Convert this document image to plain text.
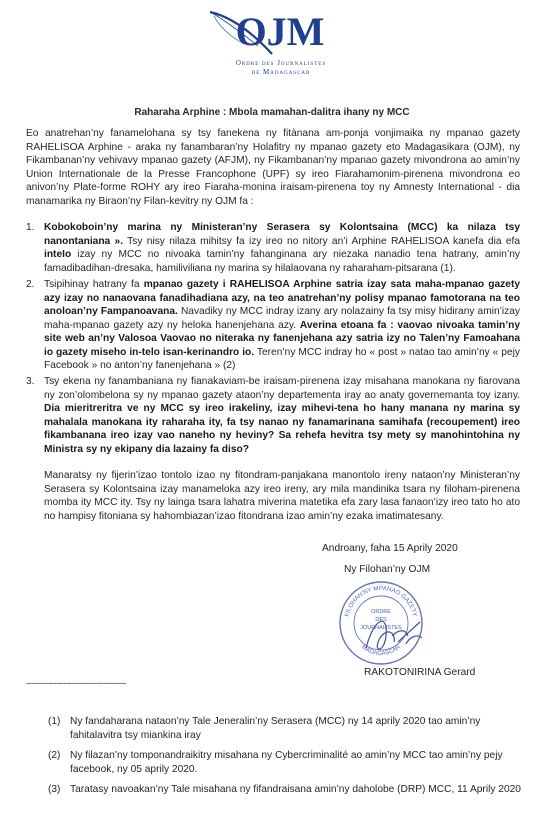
OJM
Ordre des Journalistes
de Madagascar
Raharaha Arphine : Mbola mamahan-dalitra ihany ny MCC
Eo anatrehan’ny fanamelohana sy tsy fanekena ny fitànana am-ponja vonjimaika ny mpanao gazety RAHELISOA Arphine - araka ny fanambaran’ny Holafitry ny mpanao gazety eto Madagasikara (OJM), ny Fikambanan’ny vehivavy mpanao gazety (AFJM), ny Fikambanan’ny mpanao gazety mivondrona ao amin’ny Union Internationale de la Presse Francophone (UPF) sy ireo Fiarahamonim-pirenena mivondrona eo anivon’ny Plate-forme ROHY ary ireo Fiaraha-monina iraisam-pirenena toy ny Amnesty International - dia manamarika ny Biraon’ny Filan-kevitry ny OJM fa :
1. Kobokoboin’ny marina ny Ministeran’ny Serasera sy Kolontsaina (MCC) ka nilaza tsy nanontaniana ». Tsy nisy nilaza mihitsy fa izy ireo no nitory an’i Arphine RAHELISOA kanefa dia efa inteIo izay ny MCC no nivoaka tamin’ny fahanginana ary niezaka nanadio tena hatrany, amin’ny famadibadihan-dresaka, hamiliviliana ny marina sy hilalaovana ny raharaham-pitsarana (1).
2. Tsipihinay hatrany fa mpanao gazety i RAHELISOA Arphine satria izay sata maha-mpanao gazety azy izay no nanaovana fanadihadiana azy, na teo anatrehan’ny polisy mpanao famotorana na teo anoloan’ny Fampanoavana. Navadiky ny MCC indray izany ary nolazainy fa tsy misy hidirany amin’izay maha-mpanao gazety azy ny heloka hanenjehana azy. Averina etoana fa : vaovao nivoaka tamin’ny site web an’ny Valosoa Vaovao no niteraka ny fanenjehana azy satria izy no Talen’ny Famoahana io gazety miseho in-telo isan-kerinandro io. Teren’ny MCC indray ho « post » natao tao amin’ny « pejy Facebook » no anton’ny fanenjehana » (2)
3. Tsy ekena ny fanambaniana ny fianakaviam-be iraisam-pirenena izay misahana manokana ny fiarovana ny zon’olombelona sy ny mpanao gazety ataon’ny departementa iray ao anaty governemanta toy izany. Dia mieritreritra ve ny MCC sy ireo irakeliny, izay mihevi-tena ho hany manana ny marina sy mahalala manokana ity raharaha ity, fa tsy nanao ny fanamarinana samihafa (recoupement) ireo fikambanana ireo izay vao naneho ny heviny? Sa rehefa hevitra tsy mety sy manohintohina ny Ministra sy ny ekipany dia lazainy fa diso?
Manaratsy ny fijerin’izao tontolo izao ny fitondram-panjakana manontolo ireny nataon’ny Ministeran’ny Serasera sy Kolontsaina izay manameloka azy ireo ireny, ary mila mandinika tsara ny filoham-pirenena momba ity MCC ity. Tsy ny laingа tsara lahatra miverina matetika efa zary lasa fanaon’izy ireo tato ho ato no hampisy fitoniana sy hahombiazan’izao fitondrana izao amin’ny ezaka imatimatesany.
Androany, faha 15 Aprily 2020
Ny Filohan’ny OJM
RAKOTONIRINA Gerard
FILOHAN'NY MPANAO GAZETY
MADAGASCAR
ORDRE
DES
JOURNALISTES
----------------------------------------
(1) Ny fandaharana nataon’ny Tale Jeneralin’ny Serasera (MCC) ny 14 aprily 2020 tao amin’ny fahitalavitra tsy miankina iray
(2) Ny filazan’ny tomponandraikitry misahana ny Cybercriminalité ao amin’ny MCC tao amin’ny pejy facebook, ny 05 aprily 2020.
(3) Taratasy navoakan’ny Tale misahana ny fifandraisana amin’ny daholobe (DRP) MCC, 11 Aprily 2020
